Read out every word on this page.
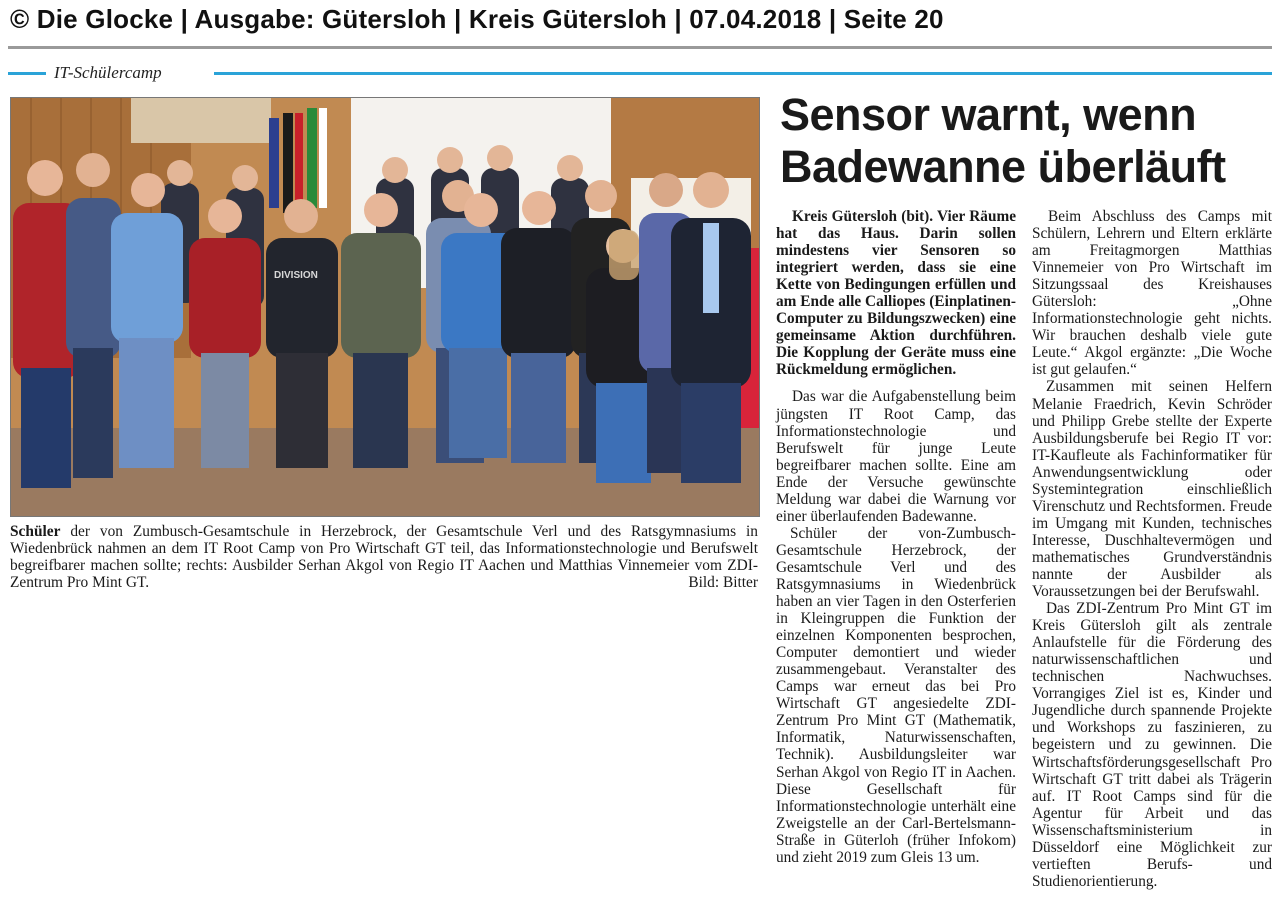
© Die Glocke | Ausgabe: Gütersloh | Kreis Gütersloh | 07.04.2018 | Seite 20
IT-Schülercamp
DIVISION
Schüler der von Zumbusch-Gesamtschule in Herzebrock, der Gesamtschule Verl und des Ratsgymnasiums in Wiedenbrück nahmen an dem IT Root Camp von Pro Wirtschaft GT teil, das Informationstechnologie und Berufswelt begreifbarer machen sollte; rechts: Ausbilder Serhan Akgol von Regio IT Aachen und Matthias Vinnemeier vom ZDI-Zentrum Pro Mint GT.	Bild: Bitter
Sensor warnt, wenn
Badewanne überläuft

Kreis Gütersloh (bit). Vier Räume hat das Haus. Darin sollen mindestens vier Sensoren so integriert werden, dass sie eine Kette von Bedingungen erfüllen und am Ende alle Calliopes (Einplatinen-Computer zu Bildungszwecken) eine gemeinsame Aktion durchführen. Die Kopplung der Geräte muss eine Rückmeldung ermöglichen.

Das war die Aufgabenstellung beim jüngsten IT Root Camp, das Informationstechnologie und Berufswelt für junge Leute begreifbarer machen sollte. Eine am Ende der Versuche gewünschte Meldung war dabei die Warnung vor einer überlaufenden Badewanne.

Schüler der von-Zumbusch-Gesamtschule Herzebrock, der Gesamtschule Verl und des Ratsgymnasiums in Wiedenbrück haben an vier Tagen in den Osterferien in Kleingruppen die Funktion der einzelnen Komponenten besprochen, Computer demontiert und wieder zusammengebaut. Veranstalter des Camps war erneut das bei Pro Wirtschaft GT angesiedelte ZDI-Zentrum Pro Mint GT (Mathematik, Informatik, Naturwissenschaften, Technik). Ausbildungsleiter war Serhan Akgol von Regio IT in Aachen. Diese Gesellschaft für Informationstechnologie unterhält eine Zweigstelle an der Carl-Bertelsmann-Straße in Güterloh (früher Infokom) und zieht 2019 zum Gleis 13 um.

Beim Abschluss des Camps mit Schülern, Lehrern und Eltern erklärte am Freitagmorgen Matthias Vinnemeier von Pro Wirtschaft im Sitzungssaal des Kreishauses Gütersloh: „Ohne Informationstechnologie geht nichts. Wir brauchen deshalb viele gute Leute.“ Akgol ergänzte: „Die Woche ist gut gelaufen.“

Zusammen mit seinen Helfern Melanie Fraedrich, Kevin Schröder und Philipp Grebe stellte der Experte Ausbildungsberufe bei Regio IT vor: IT-Kaufleute als Fachinformatiker für Anwendungsentwicklung oder Systemintegration einschließlich Virenschutz und Rechtsformen. Freude im Umgang mit Kunden, technisches Interesse, Duschhaltevermögen und mathematisches Grundverständnis nannte der Ausbilder als Voraussetzungen bei der Berufswahl.

Das ZDI-Zentrum Pro Mint GT im Kreis Gütersloh gilt als zentrale Anlaufstelle für die Förderung des naturwissenschaftlichen und technischen Nachwuchses. Vorrangiges Ziel ist es, Kinder und Jugendliche durch spannende Projekte und Workshops zu faszinieren, zu begeistern und zu gewinnen. Die Wirtschaftsförderungsgesellschaft Pro Wirtschaft GT tritt dabei als Trägerin auf. IT Root Camps sind für die Agentur für Arbeit und das Wissenschaftsministerium in Düsseldorf eine Möglichkeit zur vertieften Berufs- und Studienorientierung.
